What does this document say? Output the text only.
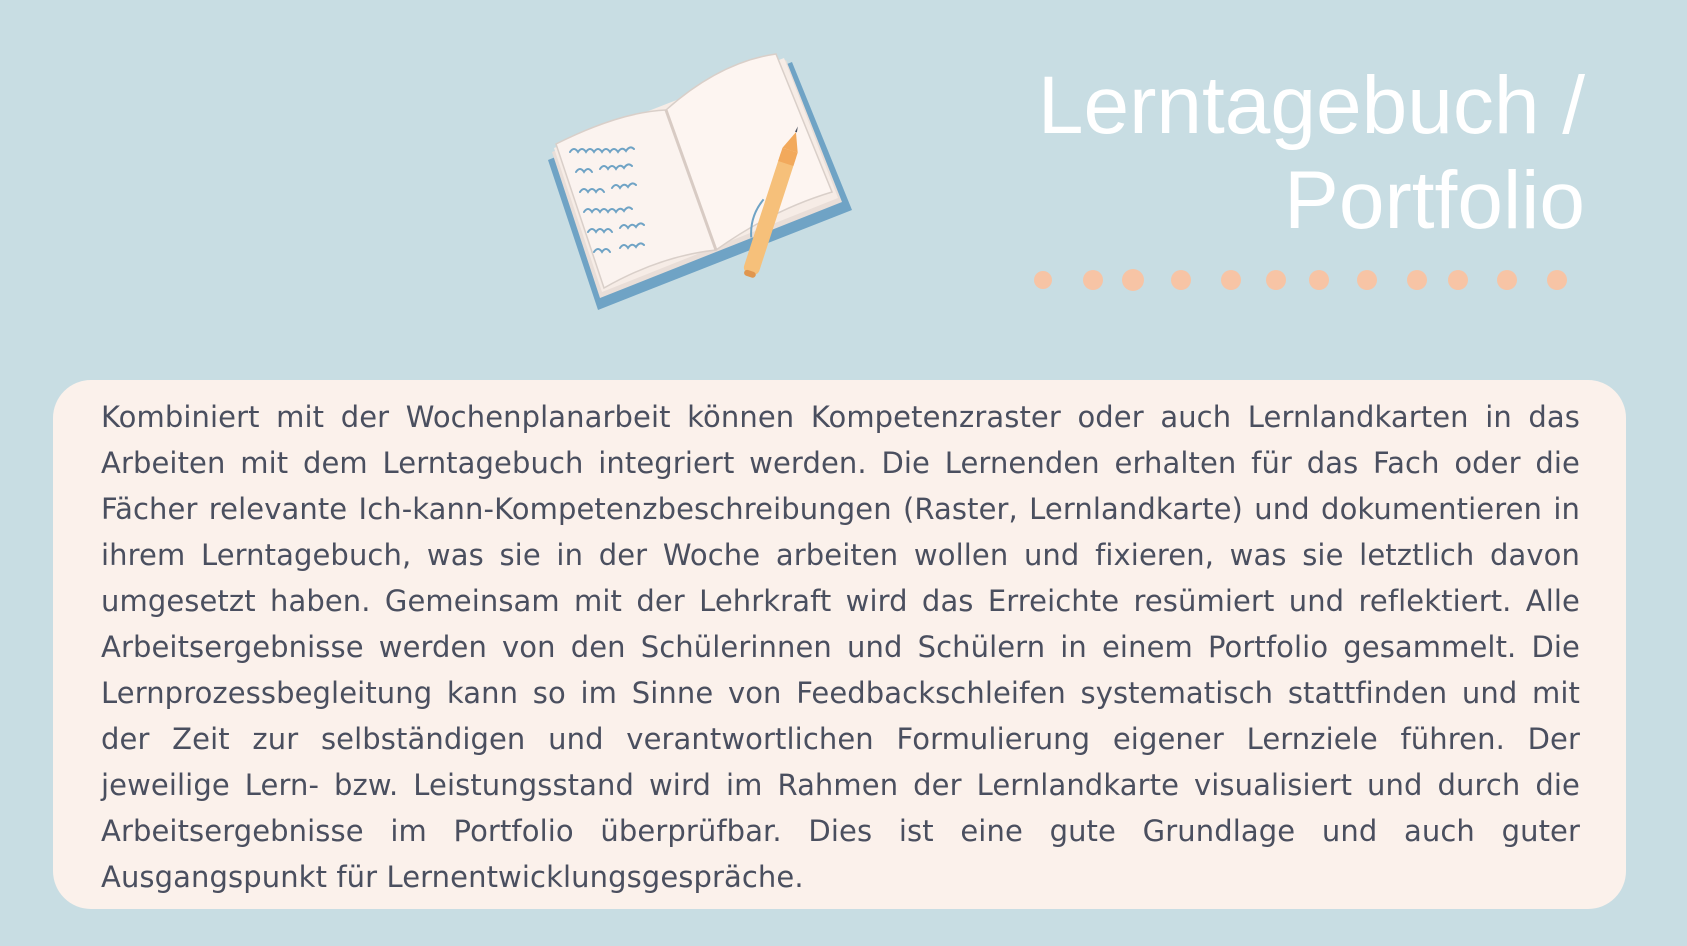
Lerntagebuch /
Portfolio

Kombiniert mit der Wochenplanarbeit können Kompetenzraster oder auch Lernlandkarten in das Arbeiten mit dem Lerntagebuch integriert werden. Die Lernenden erhalten für das Fach oder die Fächer relevante Ich-kann-Kompetenzbeschreibungen (Raster, Lernlandkarte) und dokumentieren in ihrem Lerntagebuch, was sie in der Woche arbeiten wollen und fixieren, was sie letztlich davon umgesetzt haben. Gemeinsam mit der Lehrkraft wird das Erreichte resümiert und reflektiert. Alle Arbeitsergebnisse werden von den Schülerinnen und Schülern in einem Portfolio gesammelt. Die Lernprozessbegleitung kann so im Sinne von Feedbackschleifen systematisch stattfinden und mit der Zeit zur selbständigen und verantwortlichen Formulierung eigener Lernziele führen. Der jeweilige Lern- bzw. Leistungsstand wird im Rahmen der Lernlandkarte visualisiert und durch die Arbeitsergebnisse im Portfolio überprüfbar. Dies ist eine gute Grundlage und auch guter Ausgangspunkt für Lernentwicklungsgespräche.
